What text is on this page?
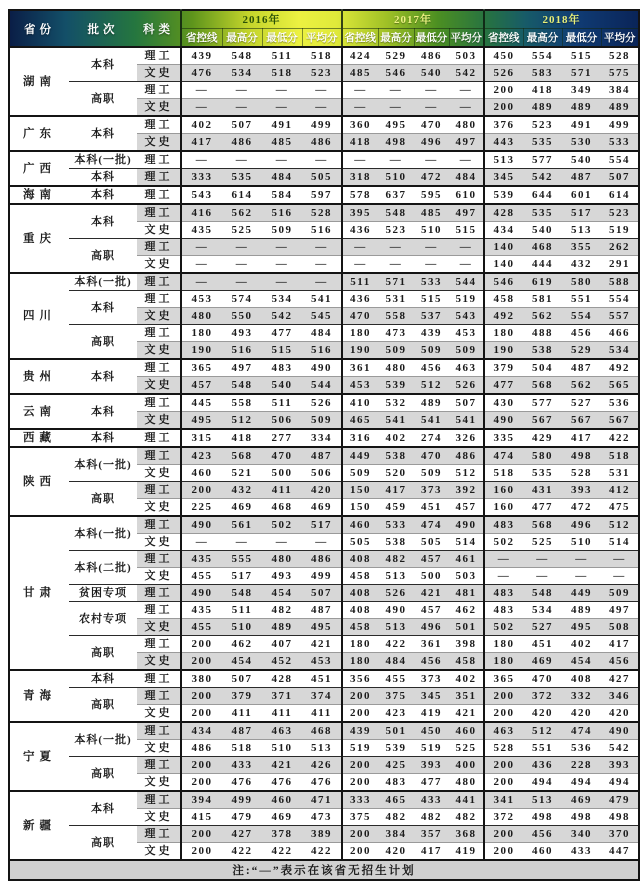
省份	批次	科类	2016年				2017年				2018年			
			省控线	最高分	最低分	平均分	省控线	最高分	最低分	平均分	省控线	最高分	最低分	平均分
湖南	本科	理工	439	548	511	518	424	529	486	503	450	554	515	528
		文史	476	534	518	523	485	546	540	542	526	583	571	575
	高职	理工	—	—	—	—	—	—	—	—	200	418	349	384
		文史	—	—	—	—	—	—	—	—	200	489	489	489
广东	本科	理工	402	507	491	499	360	495	470	480	376	523	491	499
		文史	417	486	485	486	418	498	496	497	443	535	530	533
广西	本科(一批)	理工	—	—	—	—	—	—	—	—	513	577	540	554
	本科	理工	333	535	484	505	318	510	472	484	345	542	487	507
海南	本科	理工	543	614	584	597	578	637	595	610	539	644	601	614
重庆	本科	理工	416	562	516	528	395	548	485	497	428	535	517	523
		文史	435	525	509	516	436	523	510	515	434	540	513	519
	高职	理工	—	—	—	—	—	—	—	—	140	468	355	262
		文史	—	—	—	—	—	—	—	—	140	444	432	291
四川	本科(一批)	理工	—	—	—	—	511	571	533	544	546	619	580	588
	本科	理工	453	574	534	541	436	531	515	519	458	581	551	554
		文史	480	550	542	545	470	558	537	543	492	562	554	557
	高职	理工	180	493	477	484	180	473	439	453	180	488	456	466
		文史	190	516	515	516	190	509	509	509	190	538	529	534
贵州	本科	理工	365	497	483	490	361	480	456	463	379	504	487	492
		文史	457	548	540	544	453	539	512	526	477	568	562	565
云南	本科	理工	445	558	511	526	410	532	489	507	430	577	527	536
		文史	495	512	506	509	465	541	541	541	490	567	567	567
西藏	本科	理工	315	418	277	334	316	402	274	326	335	429	417	422
陕西	本科(一批)	理工	423	568	470	487	449	538	470	486	474	580	498	518
		文史	460	521	500	506	509	520	509	512	518	535	528	531
	高职	理工	200	432	411	420	150	417	373	392	160	431	393	412
		文史	225	469	468	469	150	459	451	457	160	477	472	475
甘肃	本科(一批)	理工	490	561	502	517	460	533	474	490	483	568	496	512
		文史	—	—	—	—	505	538	505	514	502	525	510	514
	本科(二批)	理工	435	555	480	486	408	482	457	461	—	—	—	—
		文史	455	517	493	499	458	513	500	503	—	—	—	—
	贫困专项	理工	490	548	454	507	408	526	421	481	483	548	449	509
	农村专项	理工	435	511	482	487	408	490	457	462	483	534	489	497
		文史	455	510	489	495	458	513	496	501	502	527	495	508
	高职	理工	200	462	407	421	180	422	361	398	180	451	402	417
		文史	200	454	452	453	180	484	456	458	180	469	454	456
青海	本科	理工	380	507	428	451	356	455	373	402	365	470	408	427
	高职	理工	200	379	371	374	200	375	345	351	200	372	332	346
		文史	200	411	411	411	200	423	419	421	200	420	420	420
宁夏	本科(一批)	理工	434	487	463	468	439	501	450	460	463	512	474	490
		文史	486	518	510	513	519	539	519	525	528	551	536	542
	高职	理工	200	433	421	426	200	425	393	400	200	436	228	393
		文史	200	476	476	476	200	483	477	480	200	494	494	494
新疆	本科	理工	394	499	460	471	333	465	433	441	341	513	469	479
		文史	415	479	469	473	375	482	482	482	372	498	498	498
	高职	理工	200	427	378	389	200	384	357	368	200	456	340	370
		文史	200	422	422	422	200	420	417	419	200	460	433	447
注:“—”表示在该省无招生计划														
